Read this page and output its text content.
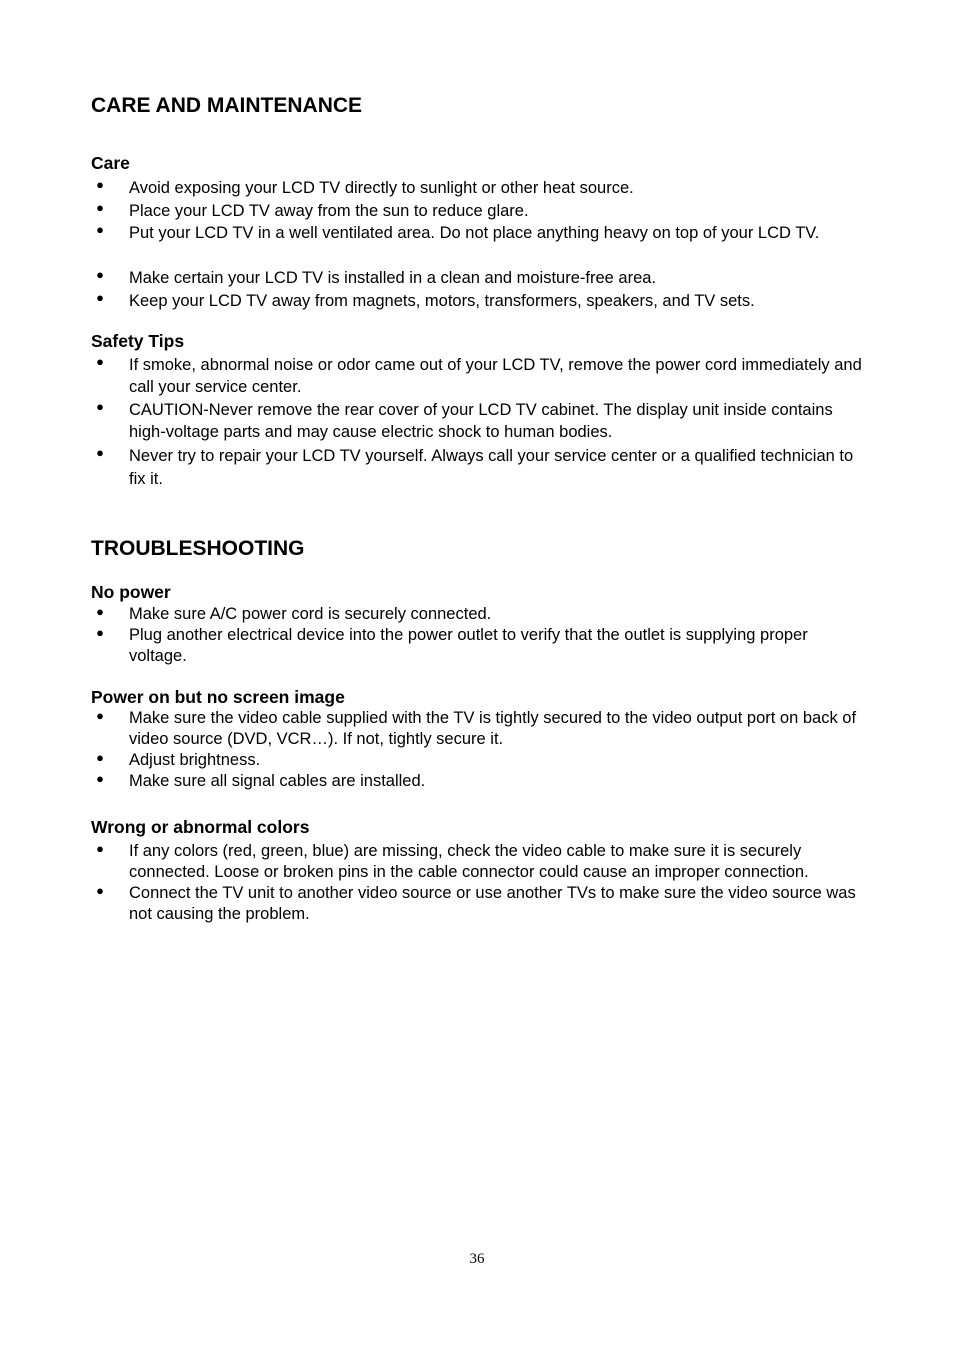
CARE AND MAINTENANCE
Care
●	Avoid exposing your LCD TV directly to sunlight or other heat source.
●	Place your LCD TV away from the sun to reduce glare.
●	Put your LCD TV in a well ventilated area. Do not place anything heavy on top of your LCD TV.
●	Make certain your LCD TV is installed in a clean and moisture-free area.
●	Keep your LCD TV away from magnets, motors, transformers, speakers, and TV sets.
Safety Tips
●	If smoke, abnormal noise or odor came out of your LCD TV, remove the power cord immediately and call your service center.
●	CAUTION-Never remove the rear cover of your LCD TV cabinet. The display unit inside contains high-voltage parts and may cause electric shock to human bodies.
●	Never try to repair your LCD TV yourself. Always call your service center or a qualified technician to fix it.
TROUBLESHOOTING
No power
●	Make sure A/C power cord is securely connected.
●	Plug another electrical device into the power outlet to verify that the outlet is supplying proper voltage.
Power on but no screen image
●	Make sure the video cable supplied with the TV is tightly secured to the video output port on back of video source (DVD, VCR…). If not, tightly secure it.
●	Adjust brightness.
●	Make sure all signal cables are installed.
Wrong or abnormal colors
●	If any colors (red, green, blue) are missing, check the video cable to make sure it is securely connected. Loose or broken pins in the cable connector could cause an improper connection.
●	Connect the TV unit to another video source or use another TVs to make sure the video source was not causing the problem.
36
